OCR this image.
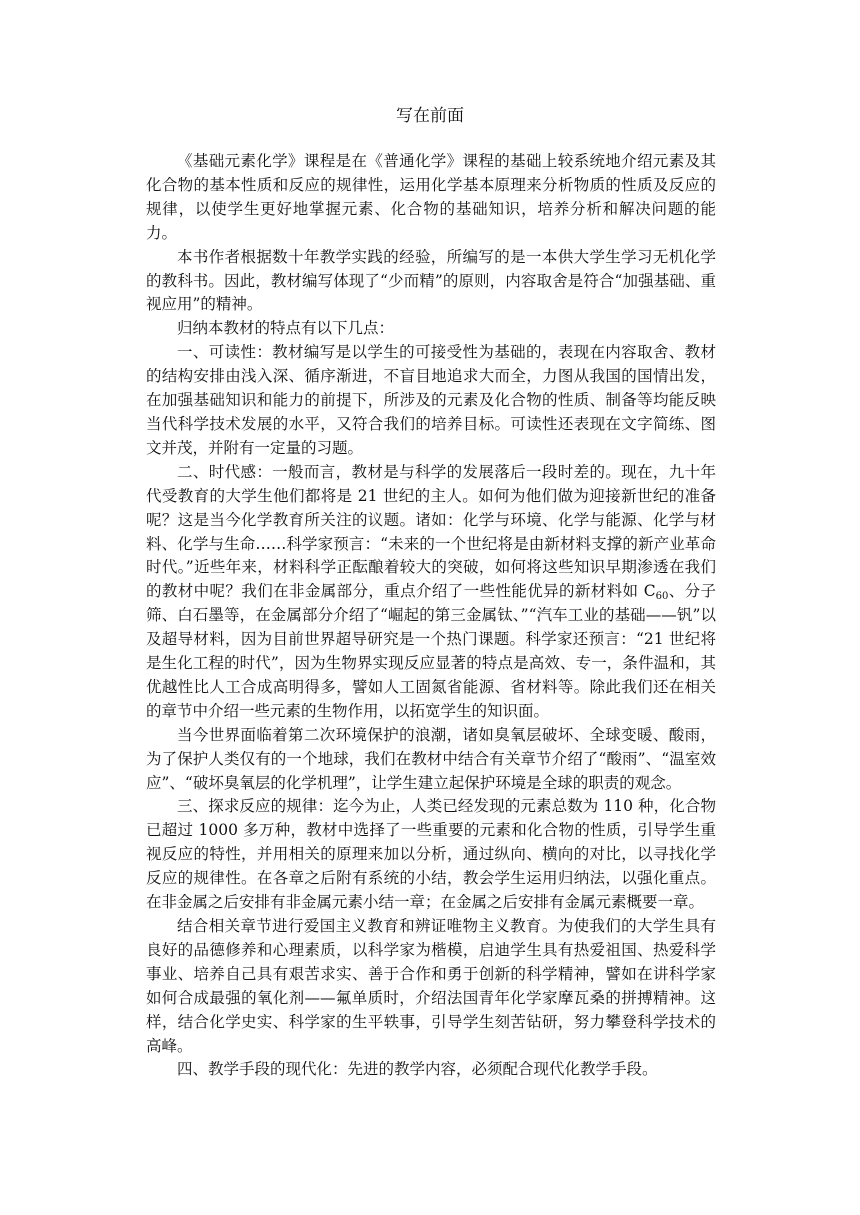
写在前面

《基础元素化学》课程是在《普通化学》课程的基础上较系统地介绍元素及其化合物的基本性质和反应的规律性，运用化学基本原理来分析物质的性质及反应的规律，以使学生更好地掌握元素、化合物的基础知识，培养分析和解决问题的能力。

本书作者根据数十年教学实践的经验，所编写的是一本供大学生学习无机化学的教科书。因此，教材编写体现了“少而精”的原则，内容取舍是符合“加强基础、重视应用”的精神。

归纳本教材的特点有以下几点：

一、可读性：教材编写是以学生的可接受性为基础的，表现在内容取舍、教材的结构安排由浅入深、循序渐进，不盲目地追求大而全，力图从我国的国情出发，在加强基础知识和能力的前提下，所涉及的元素及化合物的性质、制备等均能反映当代科学技术发展的水平，又符合我们的培养目标。可读性还表现在文字简练、图文并茂，并附有一定量的习题。

二、时代感：一般而言，教材是与科学的发展落后一段时差的。现在，九十年代受教育的大学生他们都将是 21 世纪的主人。如何为他们做为迎接新世纪的准备呢？这是当今化学教育所关注的议题。诸如：化学与环境、化学与能源、化学与材料、化学与生命……科学家预言：“未来的一个世纪将是由新材料支撑的新产业革命时代。”近些年来，材料科学正酝酿着较大的突破，如何将这些知识早期渗透在我们的教材中呢？我们在非金属部分，重点介绍了一些性能优异的新材料如 $C_{60}$、分子筛、白石墨等，在金属部分介绍了“崛起的第三金属钛、”“汽车工业的基础——钒”以及超导材料，因为目前世界超导研究是一个热门课题。科学家还预言：“21 世纪将是生化工程的时代”，因为生物界实现反应显著的特点是高效、专一，条件温和，其优越性比人工合成高明得多，譬如人工固氮省能源、省材料等。除此我们还在相关的章节中介绍一些元素的生物作用，以拓宽学生的知识面。

当今世界面临着第二次环境保护的浪潮，诸如臭氧层破坏、全球变暖、酸雨，为了保护人类仅有的一个地球，我们在教材中结合有关章节介绍了“酸雨”、“温室效应”、“破坏臭氧层的化学机理”，让学生建立起保护环境是全球的职责的观念。

三、探求反应的规律：迄今为止，人类已经发现的元素总数为 110 种，化合物已超过 1000 多万种，教材中选择了一些重要的元素和化合物的性质，引导学生重视反应的特性，并用相关的原理来加以分析，通过纵向、横向的对比，以寻找化学反应的规律性。在各章之后附有系统的小结，教会学生运用归纳法，以强化重点。在非金属之后安排有非金属元素小结一章；在金属之后安排有金属元素概要一章。

结合相关章节进行爱国主义教育和辨证唯物主义教育。为使我们的大学生具有良好的品德修养和心理素质，以科学家为楷模，启迪学生具有热爱祖国、热爱科学事业、培养自己具有艰苦求实、善于合作和勇于创新的科学精神，譬如在讲科学家如何合成最强的氧化剂——氟单质时，介绍法国青年化学家摩瓦桑的拼搏精神。这样，结合化学史实、科学家的生平轶事，引导学生刻苦钻研，努力攀登科学技术的高峰。

四、教学手段的现代化：先进的教学内容，必须配合现代化教学手段。
